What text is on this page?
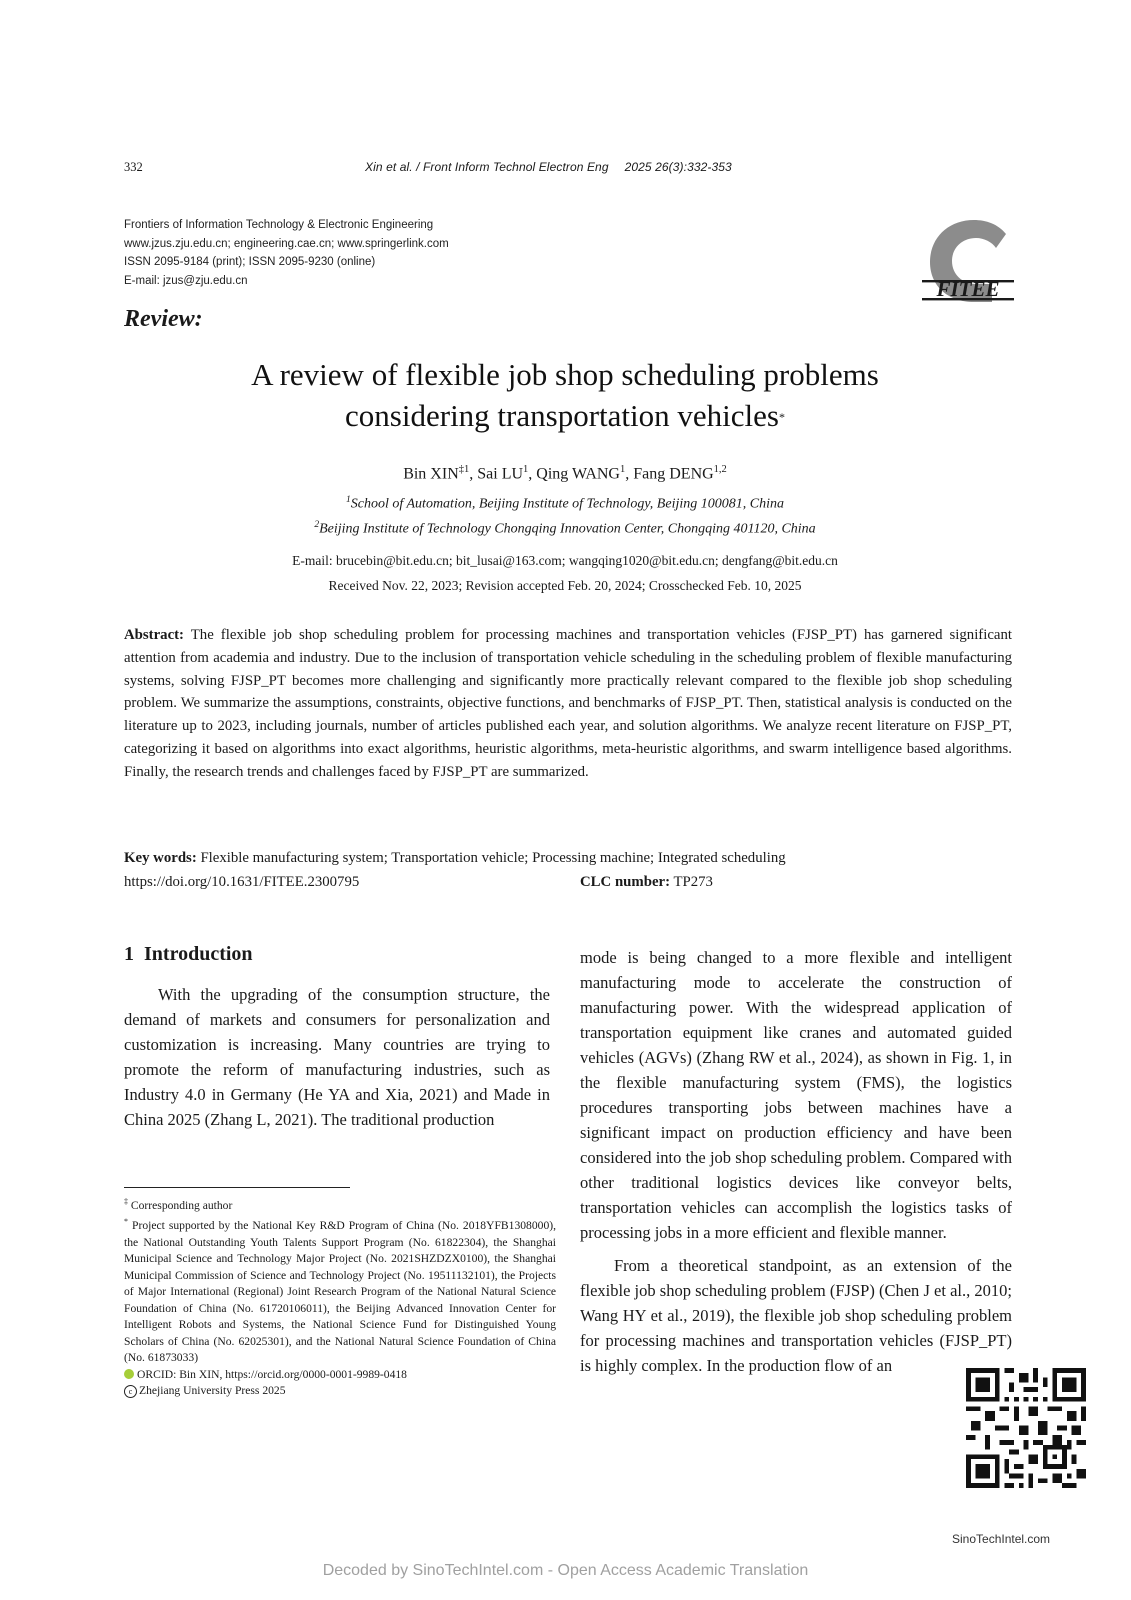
332	Xin et al. / Front Inform Technol Electron Eng 2025 26(3):332-353
Frontiers of Information Technology & Electronic Engineering
www.jzus.zju.edu.cn; engineering.cae.cn; www.springerlink.com
ISSN 2095-9184 (print); ISSN 2095-9230 (online)
E-mail: jzus@zju.edu.cn	FITEE
Review:
A review of flexible job shop scheduling problems
considering transportation vehicles*
Bin XIN$^{\ddagger 1}$, Sai $LU^1$, Qing WANG$^1$, Fang DENG$^{1,2}$
$^1$School of Automation, Beijing Institute of Technology, Beijing 100081, China
$^2$Beijing Institute of Technology Chongqing Innovation Center, Chongqing 401120, China
E-mail: brucebin@bit.edu.cn; bit_lusai@163.com; wangqing1020@bit.edu.cn; dengfang@bit.edu.cn
Received Nov. 22, 2023; Revision accepted Feb. 20, 2024; Crosschecked Feb. 10, 2025
Abstract: The flexible job shop scheduling problem for processing machines and transportation vehicles (FJSP_PT) has garnered significant attention from academia and industry. Due to the inclusion of transportation vehicle scheduling in the scheduling problem of flexible manufacturing systems, solving FJSP_PT becomes more challenging and significantly more practically relevant compared to the flexible job shop scheduling problem. We summarize the assumptions, constraints, objective functions, and benchmarks of FJSP_PT. Then, statistical analysis is conducted on the literature up to 2023, including journals, number of articles published each year, and solution algorithms. We analyze recent literature on FJSP_PT, categorizing it based on algorithms into exact algorithms, heuristic algorithms, meta-heuristic algorithms, and swarm intelligence based algorithms. Finally, the research trends and challenges faced by FJSP_PT are summarized.
Key words: Flexible manufacturing system; Transportation vehicle; Processing machine; Integrated scheduling
https://doi.org/10.1631/FITEE.2300795	CLC number: TP273
1 Introduction

With the upgrading of the consumption structure, the demand of markets and consumers for personalization and customization is increasing. Many countries are trying to promote the reform of manufacturing industries, such as Industry 4.0 in Germany (He YA and Xia, 2021) and Made in China 2025 (Zhang L, 2021). The traditional production

mode is being changed to a more flexible and intelligent manufacturing mode to accelerate the construction of manufacturing power. With the widespread application of transportation equipment like cranes and automated guided vehicles (AGVs) (Zhang RW et al., 2024), as shown in Fig. 1, in the flexible manufacturing system (FMS), the logistics procedures transporting jobs between machines have a significant impact on production efficiency and have been considered into the job shop scheduling problem. Compared with other traditional logistics devices like conveyor belts, transportation vehicles can accomplish the logistics tasks of processing jobs in a more efficient and flexible manner.

From a theoretical standpoint, as an extension of the flexible job shop scheduling problem (FJSP) (Chen J et al., 2010; Wang HY et al., 2019), the flexible job shop scheduling problem for processing machines and transportation vehicles (FJSP_PT) is highly complex. In the production flow of an

‡ Corresponding author

* Project supported by the National Key R&D Program of China (No. 2018YFB1308000), the National Outstanding Youth Talents Support Program (No. 61822304), the Shanghai Municipal Science and Technology Major Project (No. 2021SHZDZX0100), the Shanghai Municipal Commission of Science and Technology Project (No. 19511132101), the Projects of Major International (Regional) Joint Research Program of the National Natural Science Foundation of China (No. 61720106011), the Beijing Advanced Innovation Center for Intelligent Robots and Systems, the National Science Fund for Distinguished Young Scholars of China (No. 62025301), and the National Natural Science Foundation of China (No. 61873033)

ORCID: Bin XIN, https://orcid.org/0000-0001-9989-0418

c Zhejiang University Press 2025

SinoTechIntel.com
Decoded by SinoTechIntel.com - Open Access Academic Translation
